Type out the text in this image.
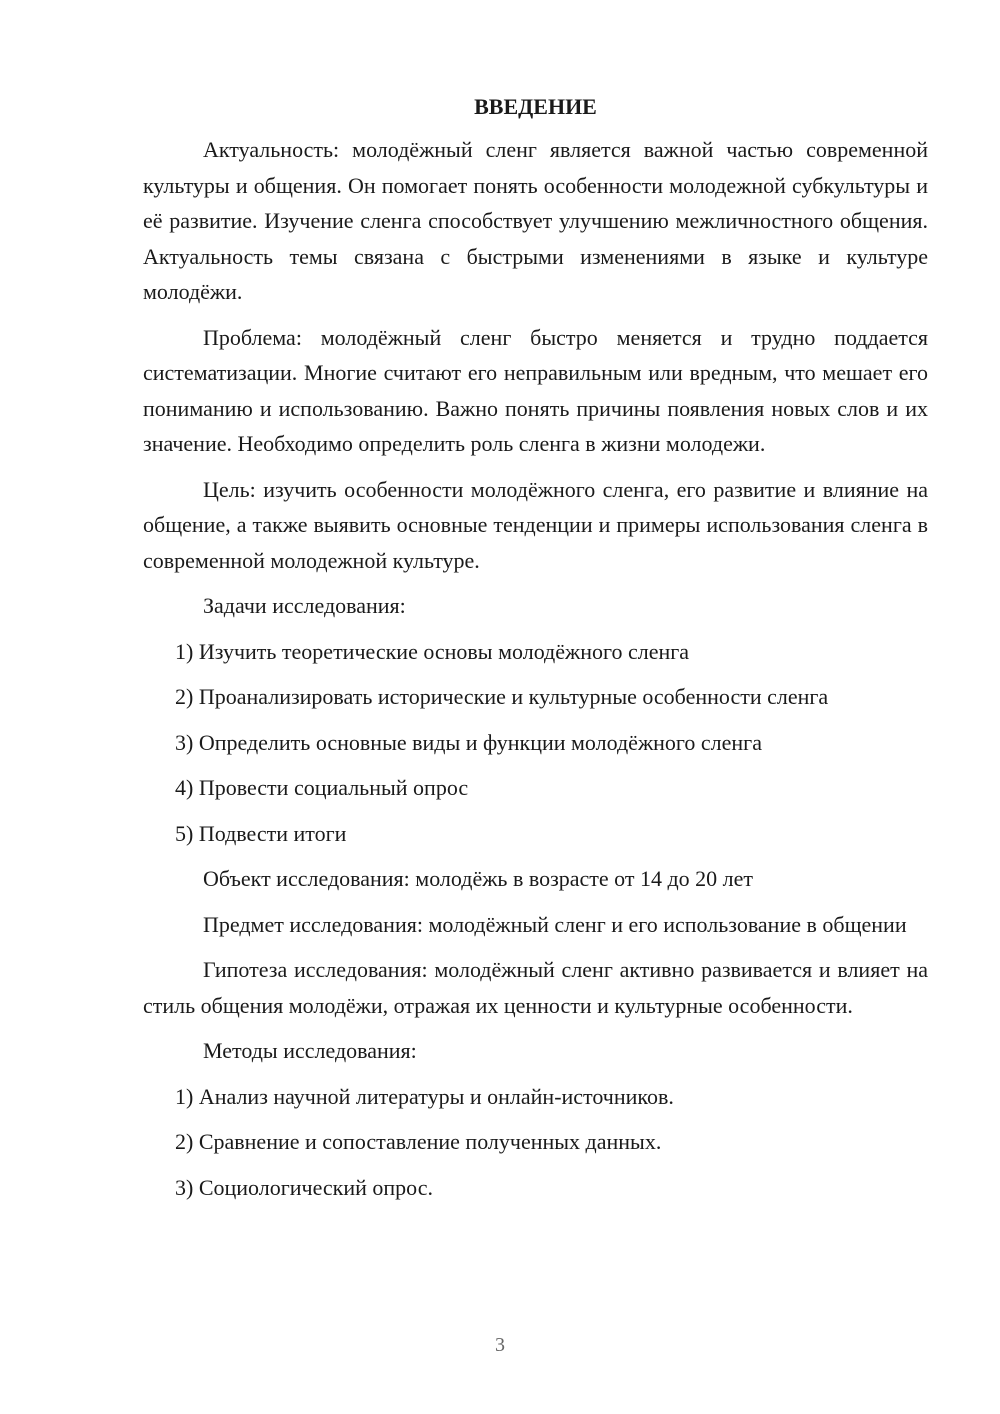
ВВЕДЕНИЕ

Актуальность: молодёжный сленг является важной частью современной культуры и общения. Он помогает понять особенности молодежной субкультуры и её развитие. Изучение сленга способствует улучшению межличностного общения. Актуальность темы связана с быстрыми изменениями в языке и культуре молодёжи.

Проблема: молодёжный сленг быстро меняется и трудно поддается систематизации. Многие считают его неправильным или вредным, что мешает его пониманию и использованию. Важно понять причины появления новых слов и их значение. Необходимо определить роль сленга в жизни молодежи.

Цель: изучить особенности молодёжного сленга, его развитие и влияние на общение, а также выявить основные тенденции и примеры использования сленга в современной молодежной культуре.

Задачи исследования:

1) Изучить теоретические основы молодёжного сленга
2) Проанализировать исторические и культурные особенности сленга
3) Определить основные виды и функции молодёжного сленга
4) Провести социальный опрос
5) Подвести итоги

Объект исследования: молодёжь в возрасте от 14 до 20 лет

Предмет исследования: молодёжный сленг и его использование в общении

Гипотеза исследования: молодёжный сленг активно развивается и влияет на стиль общения молодёжи, отражая их ценности и культурные особенности.

Методы исследования:

1) Анализ научной литературы и онлайн-источников.
2) Сравнение и сопоставление полученных данных.
3) Социологический опрос.
3
